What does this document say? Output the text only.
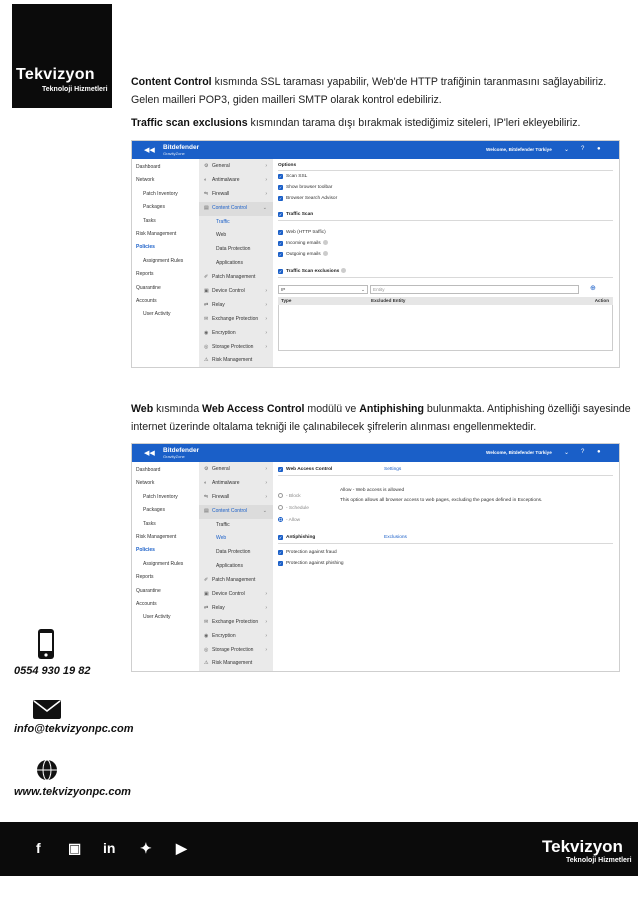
Tekvizyon
Teknoloji Hizmetleri
Content Control kısmında SSL taraması yapabilir, Web'de HTTP trafiğinin taranmasını sağlayabiliriz. Gelen mailleri POP3, giden mailleri SMTP olarak kontrol edebiliriz.
Traffic scan exclusions kısmından tarama dışı bırakmak istediğimiz siteleri, IP'leri ekleyebiliriz.
◀◀ Bitdefender
GravityZone
Welcome, Bitdefender Türkiye ⌄ ? ●
Dashboard
Network
Patch Inventory
Packages
Tasks
Risk Management
Policies
Assignment Rules
Reports
Quarantine
Accounts
User Activity
⚙ General	›
◐ Antimalware	›
⇋ Firewall	›
▤ Content Control	⌄
Traffic
Web
Data Protection
Applications
✐ Patch Management
▣ Device Control	›
⇄ Relay	›
✉ Exchange Protection ›
◉ Encryption	›
◎ Storage Protection ›
⚠ Risk Management
Options
✓ Scan SSL
✓ Show browser toolbar
✓ Browser Search Advisor
✓ Traffic Scan
✓ Web (HTTP traffic)
✓ Incoming emails
✓ Outgoing emails
✓ Traffic Scan exclusions
IP	⌄	Entity	⊕
Type	Excluded Entity	Action
Web kısmında Web Access Control modülü ve Antiphishing bulunmakta. Antiphishing özelliği sayesinde internet üzerinde oltalama tekniği ile çalınabilecek şifrelerin alınması engellenmektedir.
◀◀ Bitdefender
GravityZone
Welcome, Bitdefender Türkiye ⌄ ? ●
Dashboard
Network
Patch Inventory
Packages
Tasks
Risk Management
Policies
Assignment Rules
Reports
Quarantine
Accounts
User Activity
⚙ General	›
◐ Antimalware	›
⇋ Firewall	›
▤ Content Control	⌄
Traffic
Web
Data Protection
Applications
✐ Patch Management
▣ Device Control	›
⇄ Relay	›
✉ Exchange Protection ›
◉ Encryption	›
◎ Storage Protection ›
⚠ Risk Management
✓ Web Access Control	Settings
- Block
- Schedule
- Allow
Allow - Web access is allowed
This option allows all browser access to web pages, excluding the pages defined in Exceptions.
✓ Antiphishing	Exclusions
✓ Protection against fraud
✓ Protection against phishing
0554 930 19 82
info@tekvizyonpc.com
www.tekvizyonpc.com
f ▣ in ✦ ▶	Tekvizyon
Teknoloji Hizmetleri
